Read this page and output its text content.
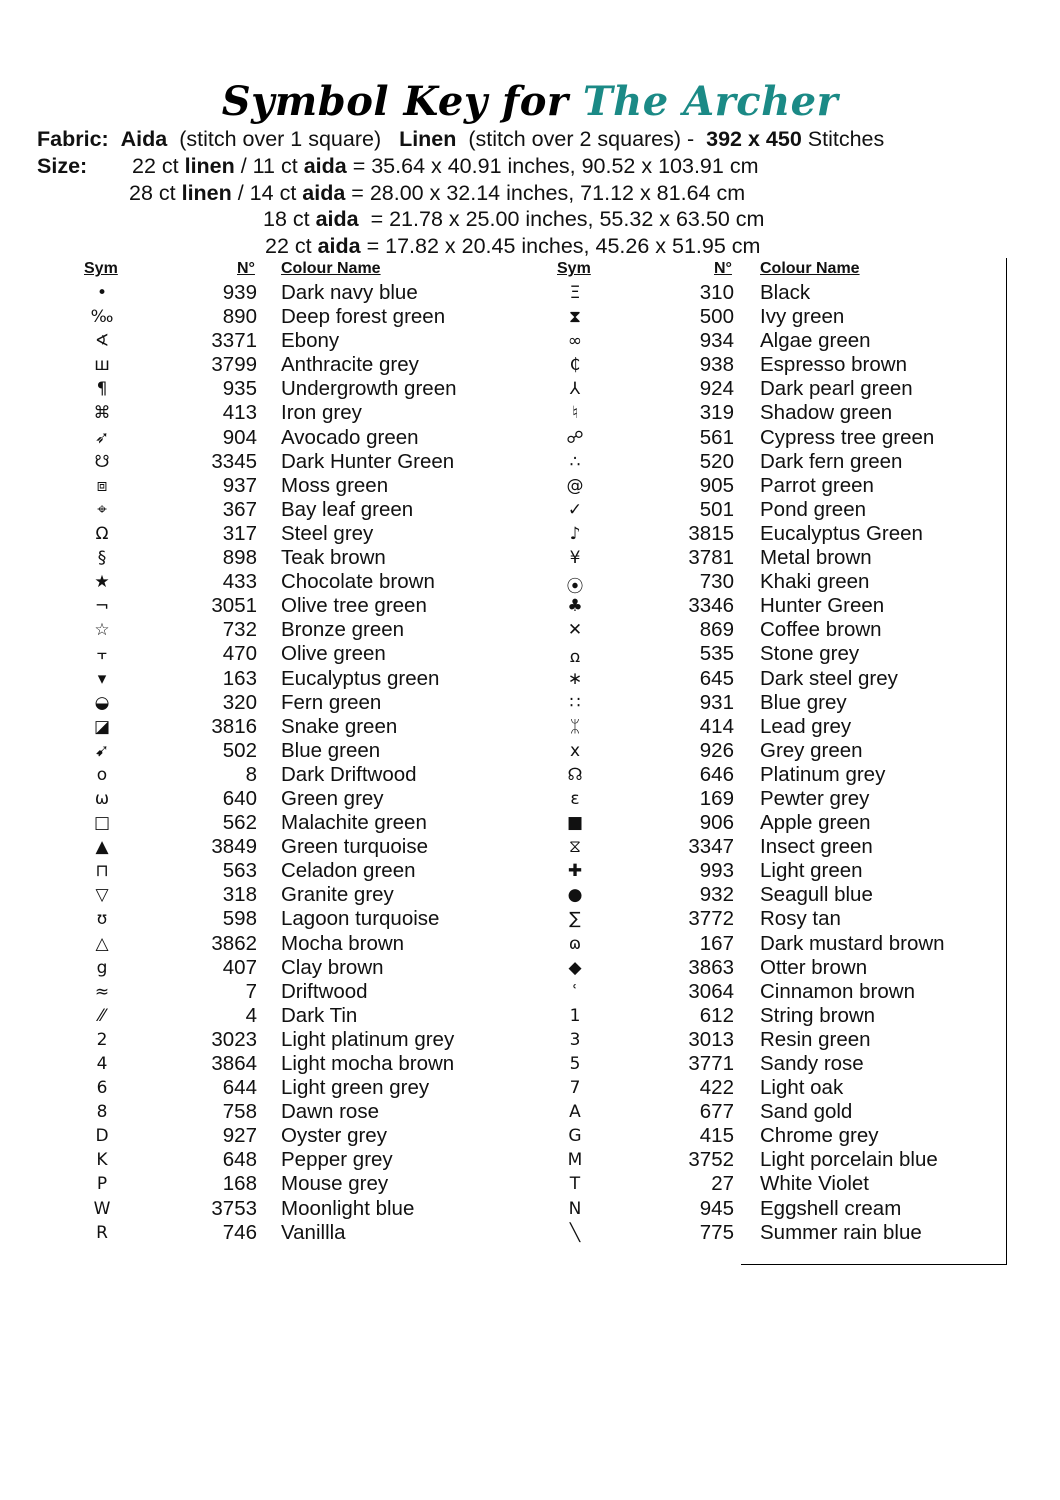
Symbol Key for The Archer
Fabric: Aida (stitch over 1 square) Linen (stitch over 2 squares) - 392 x 450 Stitches
Size: 22 ct linen / 11 ct aida = 35.64 x 40.91 inches, 90.52 x 103.91 cm
28 ct linen / 14 ct aida = 28.00 x 32.14 inches, 71.12 x 81.64 cm
18 ct aida  = 21.78 x 25.00 inches, 55.32 x 63.50 cm
22 ct aida = 17.82 x 20.45 inches, 45.26 x 51.95 cm
Sym	N° Colour Name	Sym	N° Colour Name
•	939 Dark navy blue
‰	890 Deep forest green
∢	3371 Ebony
ш	3799 Anthracite grey
¶	935 Undergrowth green
⌘	413 Iron grey
➶	904 Avocado green
☋	3345 Dark Hunter Green
⧈	937 Moss green
⌖	367 Bay leaf green
Ω	317 Steel grey
§	898 Teak brown
★	433 Chocolate brown
¬	3051 Olive tree green
☆	732 Bronze green
⫟	470 Olive green
▾	163 Eucalyptus green
◒	320 Fern green
◪	3816 Snake green
➹	502 Blue green
o	8 Dark Driftwood
ω	640 Green grey
□	562 Malachite green
▲	3849 Green turquoise
⊓	563 Celadon green
▽	318 Granite grey
ʊ	598 Lagoon turquoise
△	3862 Mocha brown
g	407 Clay brown
≈	7 Driftwood
⁄⁄	4 Dark Tin
2	3023 Light platinum grey
4	3864 Light mocha brown
6	644 Light green grey
8	758 Dawn rose
D	927 Oyster grey
K	648 Pepper grey
P	168 Mouse grey
W	3753 Moonlight blue
R	746 Vanillla
Ξ	310 Black
⧗	500 Ivy green
∞	934 Algae green
₵	938 Espresso brown
⅄	924 Dark pearl green
♮	319 Shadow green
☍	561 Cypress tree green
∴	520 Dark fern green
@	905 Parrot green
✓	501 Pond green
♪	3815 Eucalyptus Green
¥	3781 Metal brown
⦿	730 Khaki green
♣	3346 Hunter Green
✕	869 Coffee brown
ꭥ	535 Stone grey
∗	645 Dark steel grey
∷	931 Blue grey
ᛯ	414 Lead grey
x	926 Grey green
☊	646 Platinum grey
ɛ	169 Pewter grey
■	906 Apple green
⧖	3347 Insect green
✚	993 Light green
●	932 Seagull blue
∑	3772 Rosy tan
ɷ	167 Dark mustard brown
◆	3863 Otter brown
ʿ	3064 Cinnamon brown
1	612 String brown
3	3013 Resin green
5	3771 Sandy rose
7	422 Light oak
A	677 Sand gold
G	415 Chrome grey
M	3752 Light porcelain blue
T	27 White Violet
N	945 Eggshell cream
╲	775 Summer rain blue
